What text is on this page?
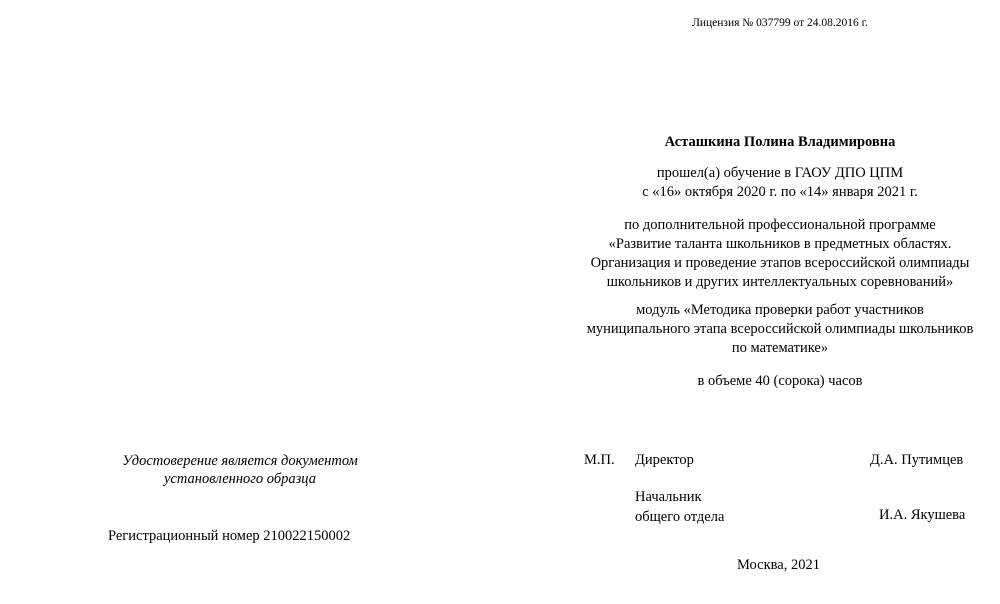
Лицензия № 037799 от 24.08.2016 г.
Асташкина Полина Владимировна
прошел(а) обучение в ГАОУ ДПО ЦПМ
с «16» октября 2020 г. по «14» января 2021 г.
по дополнительной профессиональной программе
«Развитие таланта школьников в предметных областях.
Организация и проведение этапов всероссийской олимпиады
школьников и других интеллектуальных соревнований»
модуль «Методика проверки работ участников
муниципального этапа всероссийской олимпиады школьников
по математике»
в объеме 40 (сорока) часов
Удостоверение является документом
установленного образца
Регистрационный номер 210022150002
М.П. Директор	Д.А. Путимцев
Начальник
общего отдела	И.А. Якушева
Москва, 2021
